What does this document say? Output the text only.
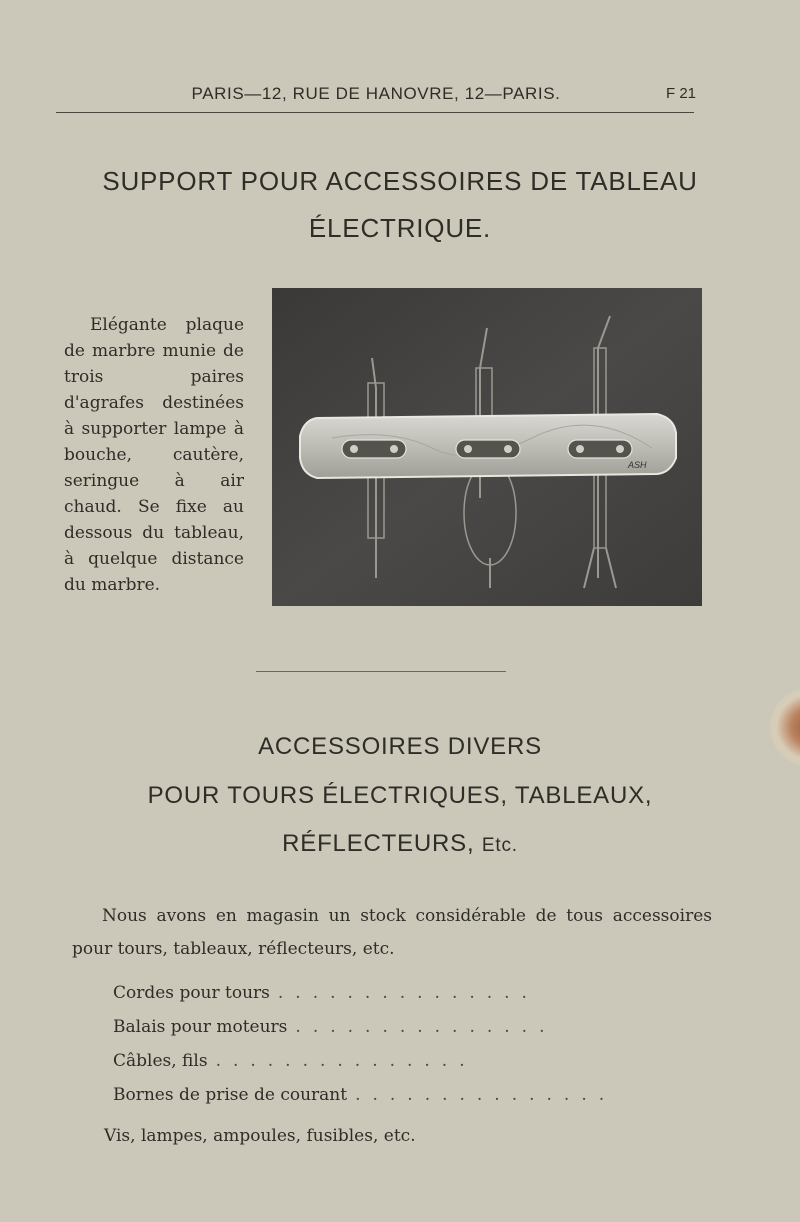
PARIS—12, RUE DE HANOVRE, 12—PARIS.	F 21
SUPPORT POUR ACCESSOIRES DE TABLEAU
ÉLECTRIQUE.
Elégante plaque de marbre munie de trois paires d'agrafes destinées à supporter lampe à bouche, cautère, seringue à air chaud. Se fixe au dessous du tableau, à quelque distance du marbre.
ASH
ACCESSOIRES DIVERS
POUR TOURS ÉLECTRIQUES, TABLEAUX,
RÉFLECTEURS, Etc.
Nous avons en magasin un stock considérable de tous accessoires pour tours, tableaux, réflecteurs, etc.
Cordes pour tours ...............
Balais pour moteurs ...............
Câbles, fils ...............
Bornes de prise de courant ...............
Vis, lampes, ampoules, fusibles, etc.
